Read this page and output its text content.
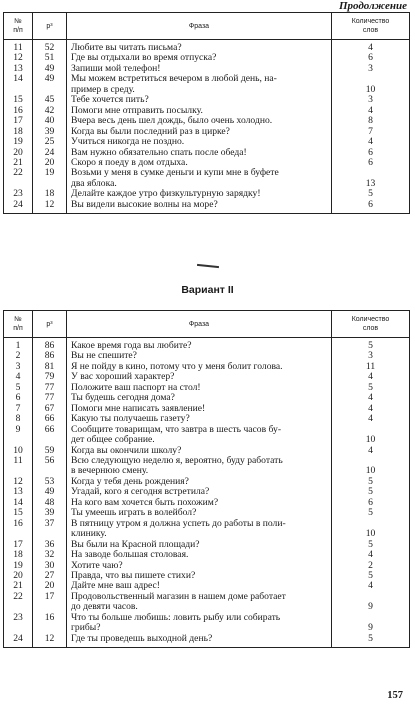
Продолжение
№
п/п	р³	Фраза	Количество
слов
11	52	Любите вы читать письма?	4
12	51	Где вы отдыхали во время отпуска?	6
13	49	Запиши мой телефон!	3
14	49	Мы можем встретиться вечером в любой день, на-
пример в среду.	10
15	45	Тебе хочется пить?	3
16	42	Помоги мне отправить посылку.	4
17	40	Вчера весь день шел дождь, было очень холодно.	8
18	39	Когда вы были последний раз в цирке?	7
19	25	Учиться никогда не поздно.	4
20	24	Вам нужно обязательно спать после обеда!	6
21	20	Скоро я поеду в дом отдыха.	6
22	19	Возьми у меня в сумке деньги и купи мне в буфете
два яблока.	13
23	18	Делайте каждое утро физкультурную зарядку!	5
24	12	Вы видели высокие волны на море?	6
Вариант II
№
п/п	р³	Фраза	Количество
слов
1	86	Какое время года вы любите?	5
2	86	Вы не спешите?	3
3	81	Я не пойду в кино, потому что у меня болит голова.	11
4	79	У вас хороший характер?	4
5	77	Положите ваш паспорт на стол!	5
6	77	Ты будешь сегодня дома?	4
7	67	Помоги мне написать заявление!	4
8	66	Какую ты получаешь газету?	4
9	66	Сообщите товарищам, что завтра в шесть часов бу-
дет общее собрание.	10
10	59	Когда вы окончили школу?	4
11	56	Всю следующую неделю я, вероятно, буду работать
в вечернюю смену.	10
12	53	Когда у тебя день рождения?	5
13	49	Угадай, кого я сегодня встретила?	5
14	48	На кого вам хочется быть похожим?	6
15	39	Ты умеешь играть в волейбол?	5
16	37	В пятницу утром я должна успеть до работы в поли-
клинику.	10
17	36	Вы были на Красной площади?	5
18	32	На заводе большая столовая.	4
19	30	Хотите чаю?	2
20	27	Правда, что вы пишете стихи?	5
21	20	Дайте мне ваш адрес!	4
22	17	Продовольственный магазин в нашем доме работает
до девяти часов.	9
23	16	Что ты больше любишь: ловить рыбу или собирать
грибы?	9
24	12	Где ты проведешь выходной день?	5
157
